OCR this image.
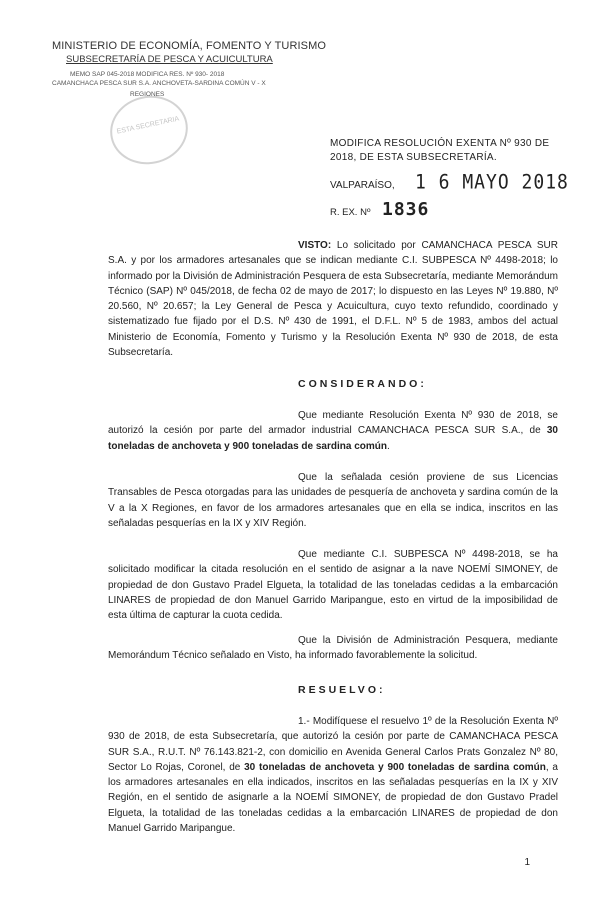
MINISTERIO DE ECONOMÍA, FOMENTO Y TURISMO
SUBSECRETARÍA DE PESCA Y ACUICULTURA
MEMO SAP 045-2018 MODIFICA RES. Nº 930- 2018
CAMANCHACA PESCA SUR S.A. ANCHOVETA-SARDINA COMÚN V - X
REGIONES
ESTA SECRETARIA
MODIFICA RESOLUCIÓN EXENTA Nº 930 DE 2018, DE ESTA SUBSECRETARÍA.
VALPARAÍSO, 1 6 MAYO 2018
R. EX. Nº 1836
VISTO: Lo solicitado por CAMANCHACA PESCA SUR S.A. y por los armadores artesanales que se indican mediante C.I. SUBPESCA Nº 4498-2018; lo informado por la División de Administración Pesquera de esta Subsecretaría, mediante Memorándum Técnico (SAP) Nº 045/2018, de fecha 02 de mayo de 2017; lo dispuesto en las Leyes Nº 19.880, Nº 20.560, Nº 20.657; la Ley General de Pesca y Acuicultura, cuyo texto refundido, coordinado y sistematizado fue fijado por el D.S. Nº 430 de 1991, el D.F.L. Nº 5 de 1983, ambos del actual Ministerio de Economía, Fomento y Turismo y la Resolución Exenta Nº 930 de 2018, de esta Subsecretaría.
CONSIDERANDO:
Que mediante Resolución Exenta Nº 930 de 2018, se autorizó la cesión por parte del armador industrial CAMANCHACA PESCA SUR S.A., de 30 toneladas de anchoveta y 900 toneladas de sardina común.
Que la señalada cesión proviene de sus Licencias Transables de Pesca otorgadas para las unidades de pesquería de anchoveta y sardina común de la V a la X Regiones, en favor de los armadores artesanales que en ella se indica, inscritos en las señaladas pesquerías en la IX y XIV Región.
Que mediante C.I. SUBPESCA Nº 4498-2018, se ha solicitado modificar la citada resolución en el sentido de asignar a la nave NOEMÍ SIMONEY, de propiedad de don Gustavo Pradel Elgueta, la totalidad de las toneladas cedidas a la embarcación LINARES de propiedad de don Manuel Garrido Maripangue, esto en virtud de la imposibilidad de esta última de capturar la cuota cedida.
Que la División de Administración Pesquera, mediante Memorándum Técnico señalado en Visto, ha informado favorablemente la solicitud.
RESUELVO:
1.- Modifíquese el resuelvo 1º de la Resolución Exenta Nº 930 de 2018, de esta Subsecretaría, que autorizó la cesión por parte de CAMANCHACA PESCA SUR S.A., R.U.T. Nº 76.143.821-2, con domicilio en Avenida General Carlos Prats Gonzalez Nº 80, Sector Lo Rojas, Coronel, de 30 toneladas de anchoveta y 900 toneladas de sardina común, a los armadores artesanales en ella indicados, inscritos en las señaladas pesquerías en la IX y XIV Región, en el sentido de asignarle a la NOEMÍ SIMONEY, de propiedad de don Gustavo Pradel Elgueta, la totalidad de las toneladas cedidas a la embarcación LINARES de propiedad de don Manuel Garrido Maripangue.
1
